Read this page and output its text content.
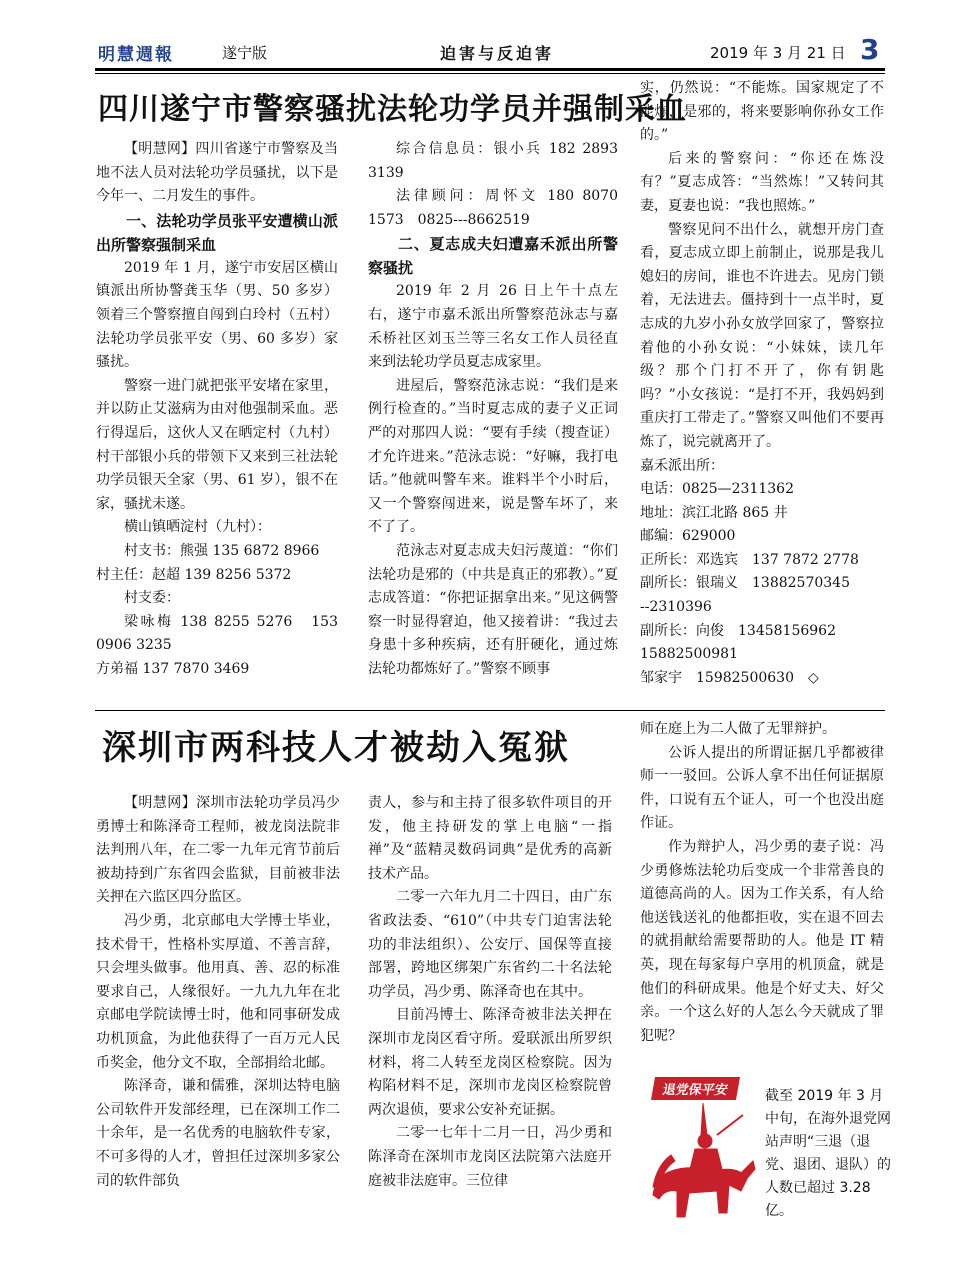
明慧週報	遂宁版	迫害与反迫害	2019 年 3 月 21 日 3
四川遂宁市警察骚扰法轮功学员并强制采血

【明慧网】四川省遂宁市警察及当地不法人员对法轮功学员骚扰，以下是今年一、二月发生的事件。

一、法轮功学员张平安遭横山派出所警察强制采血

2019 年 1 月，遂宁市安居区横山镇派出所协警龚玉华（男、50 多岁）领着三个警察擅自闯到白玲村（五村）法轮功学员张平安（男、60 多岁）家骚扰。

警察一进门就把张平安堵在家里，并以防止艾滋病为由对他强制采血。恶行得逞后，这伙人又在晒定村（九村）村干部银小兵的带领下又来到三社法轮功学员银天全家（男、61 岁），银不在家，骚扰未遂。

横山镇晒淀村（九村）：

村支书：熊强 135 6872 8966

村主任：赵超 139 8256 5372

村支委：

梁咏梅 138 8255 5276　153 0906 3235

方弟福 137 7870 3469

综合信息员：银小兵 182 2893 3139

法律顾问：周怀文 180 8070 1573　0825---8662519

二、夏志成夫妇遭嘉禾派出所警察骚扰

2019 年 2 月 26 日上午十点左右，遂宁市嘉禾派出所警察范泳志与嘉禾桥社区刘玉兰等三名女工作人员径直来到法轮功学员夏志成家里。

进屋后，警察范泳志说：“我们是来例行检查的。”当时夏志成的妻子义正词严的对那四人说：“要有手续（搜查证）才允许进来。”范泳志说：“好嘛，我打电话。”他就叫警车来。谁料半个小时后，又一个警察闯进来，说是警车坏了，来不了了。

范泳志对夏志成夫妇污蔑道：“你们法轮功是邪的（中共是真正的邪教）。”夏志成答道：“你把证据拿出来。”见这俩警察一时显得窘迫，他又接着讲：“我过去身患十多种疾病，还有肝硬化，通过炼法轮功都炼好了。”警察不顾事

实，仍然说：“不能炼。国家规定了不能炼，是邪的，将来要影响你孙女工作的。”

后来的警察问：“你还在炼没有？”夏志成答：“当然炼！”又转问其妻，夏妻也说：“我也照炼。”

警察见问不出什么，就想开房门查看，夏志成立即上前制止，说那是我儿媳妇的房间，谁也不许进去。见房门锁着，无法进去。僵持到十一点半时，夏志成的九岁小孙女放学回家了，警察拉着他的小孙女说：“小妹妹，读几年级？那个门打不开了，你有钥匙吗？”小女孩说：“是打不开，我妈妈到重庆打工带走了。”警察又叫他们不要再炼了，说完就离开了。

嘉禾派出所：

电话：0825—2311362

地址：滨江北路 865 井

邮编：629000

正所长：邓选宾　137 7872 2778

副所长：银瑞义　13882570345

--2310396

副所长：向俊　13458156962

15882500981

邹家宇　15982500630　◇

深圳市两科技人才被劫入冤狱

【明慧网】深圳市法轮功学员冯少勇博士和陈泽奇工程师，被龙岗法院非法判刑八年，在二零一九年元宵节前后被劫持到广东省四会监狱，目前被非法关押在六监区四分监区。

冯少勇，北京邮电大学博士毕业，技术骨干，性格朴实厚道、不善言辞，只会埋头做事。他用真、善、忍的标准要求自己，人缘很好。一九九九年在北京邮电学院读博士时，他和同事研发成功机顶盒，为此他获得了一百万元人民币奖金，他分文不取，全部捐给北邮。

陈泽奇，谦和儒雅，深圳达特电脑公司软件开发部经理，已在深圳工作二十余年，是一名优秀的电脑软件专家，不可多得的人才，曾担任过深圳多家公司的软件部负

责人，参与和主持了很多软件项目的开发，他主持研发的掌上电脑“一指禅”及“蓝精灵数码词典”是优秀的高新技术产品。

二零一六年九月二十四日，由广东省政法委、“610”（中共专门迫害法轮功的非法组织）、公安厅、国保等直接部署，跨地区绑架广东省约二十名法轮功学员，冯少勇、陈泽奇也在其中。

目前冯博士、陈泽奇被非法关押在深圳市龙岗区看守所。爱联派出所罗织材料，将二人转至龙岗区检察院。因为构陷材料不足，深圳市龙岗区检察院曾两次退侦，要求公安补充证据。

二零一七年十二月一日，冯少勇和陈泽奇在深圳市龙岗区法院第六法庭开庭被非法庭审。三位律

师在庭上为二人做了无罪辩护。

公诉人提出的所谓证据几乎都被律师一一驳回。公诉人拿不出任何证据原件，口说有五个证人，可一个也没出庭作证。

作为辩护人，冯少勇的妻子说：冯少勇修炼法轮功后变成一个非常善良的道德高尚的人。因为工作关系，有人给他送钱送礼的他都拒收，实在退不回去的就捐献给需要帮助的人。他是 IT 精英，现在每家每户享用的机顶盒，就是他们的科研成果。他是个好丈夫、好父亲。一个这么好的人怎么今天就成了罪犯呢？

退党保平安	截至 2019 年 3 月中旬，在海外退党网站声明“三退（退党、退团、退队）的人数已超过 3.28 亿。
